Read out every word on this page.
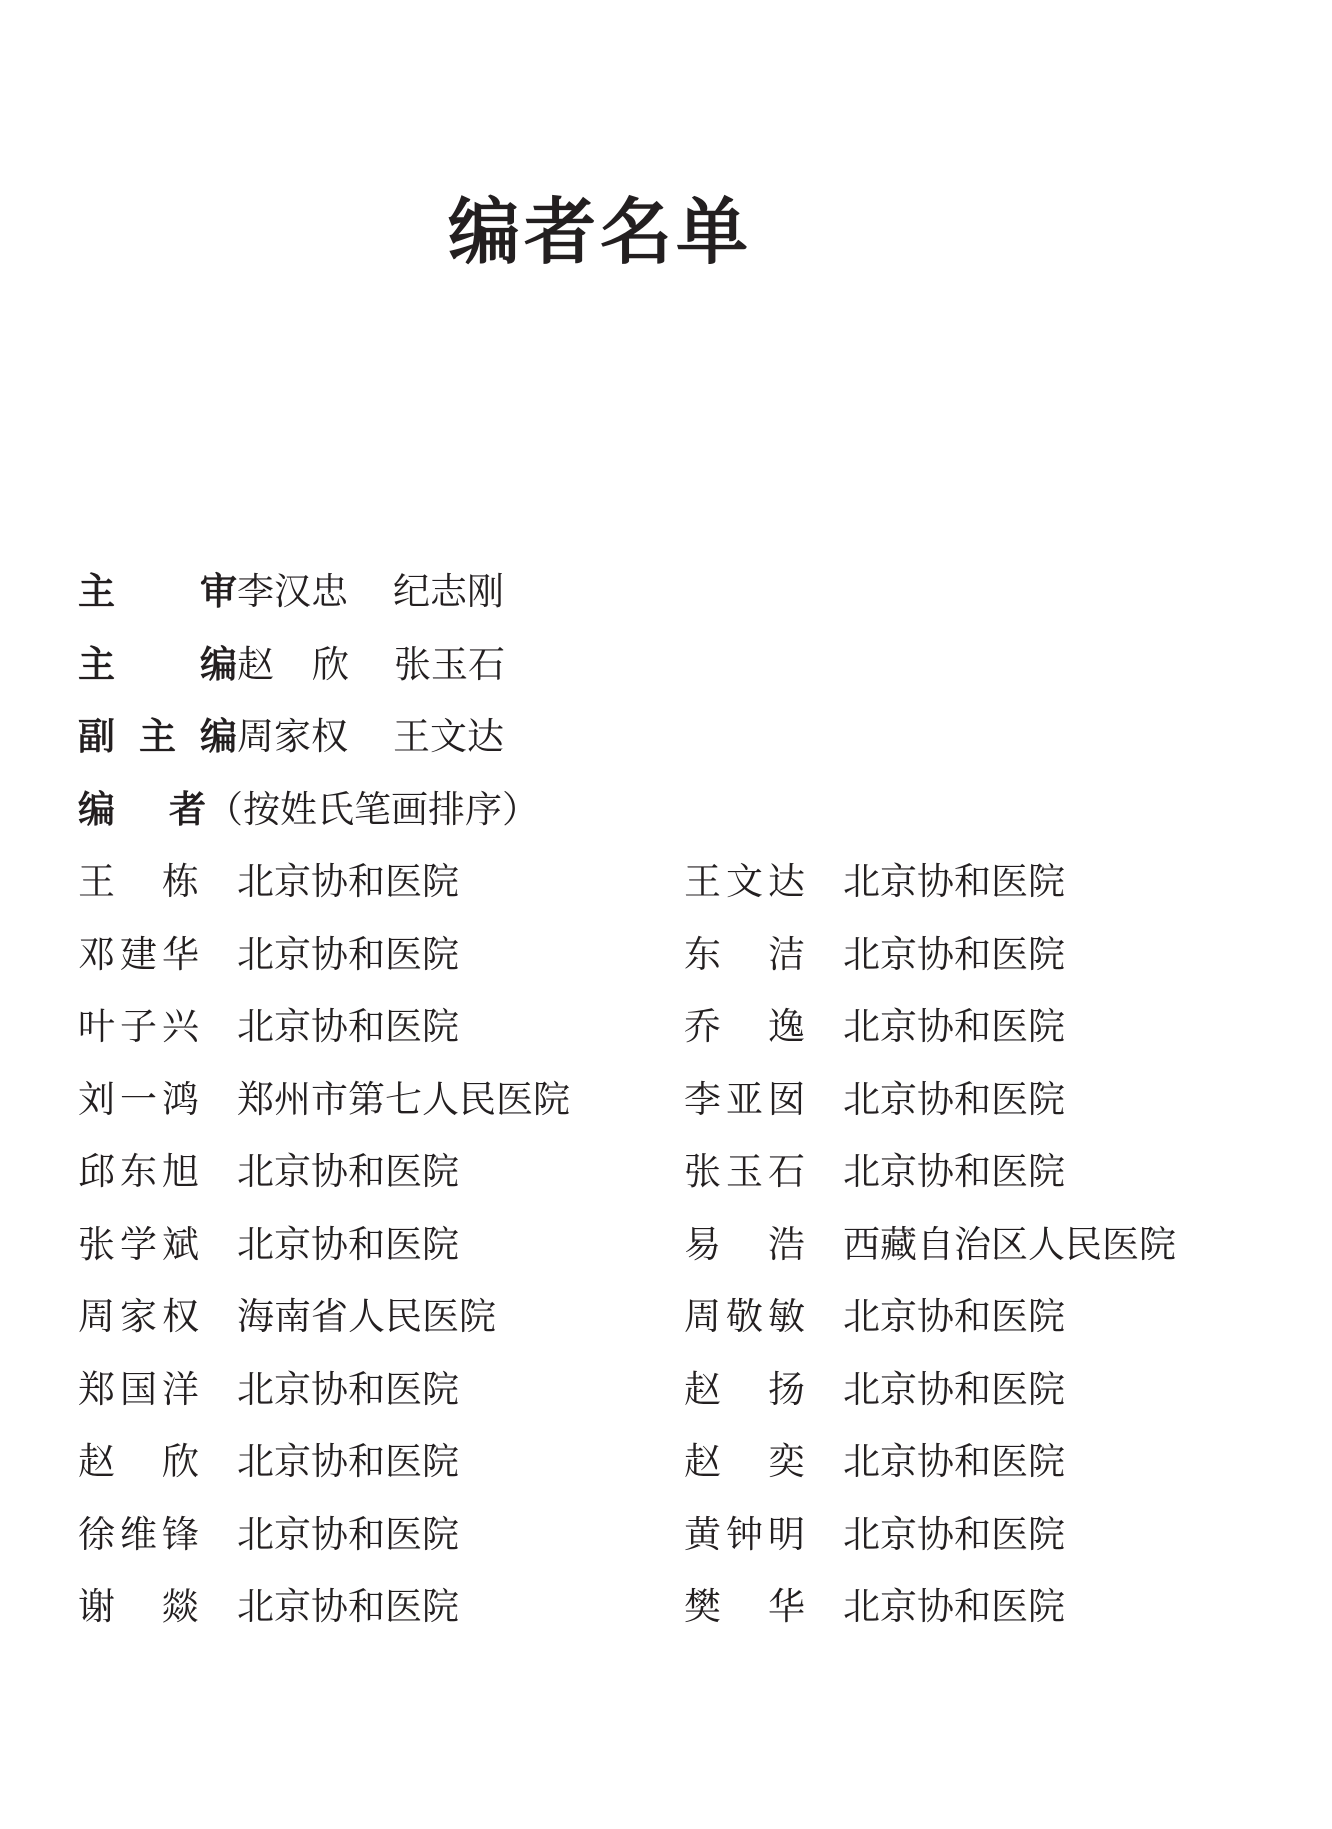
编者名单
主 审 李汉忠 纪志刚
主 编 赵 欣 张玉石
副 主 编 周家权 王文达
编 者 （按姓氏笔画排序）
王 栋 北京协和医院	王 文 达 北京协和医院
邓 建 华 北京协和医院	东 洁 北京协和医院
叶 子 兴 北京协和医院	乔 逸 北京协和医院
刘 一 鸿 郑州市第七人民医院	李 亚 囡 北京协和医院
邱 东 旭 北京协和医院	张 玉 石 北京协和医院
张 学 斌 北京协和医院	易 浩 西藏自治区人民医院
周 家 权 海南省人民医院	周 敬 敏 北京协和医院
郑 国 洋 北京协和医院	赵 扬 北京协和医院
赵 欣 北京协和医院	赵 奕 北京协和医院
徐 维 锋 北京协和医院	黄 钟 明 北京协和医院
谢 燚 北京协和医院	樊 华 北京协和医院
